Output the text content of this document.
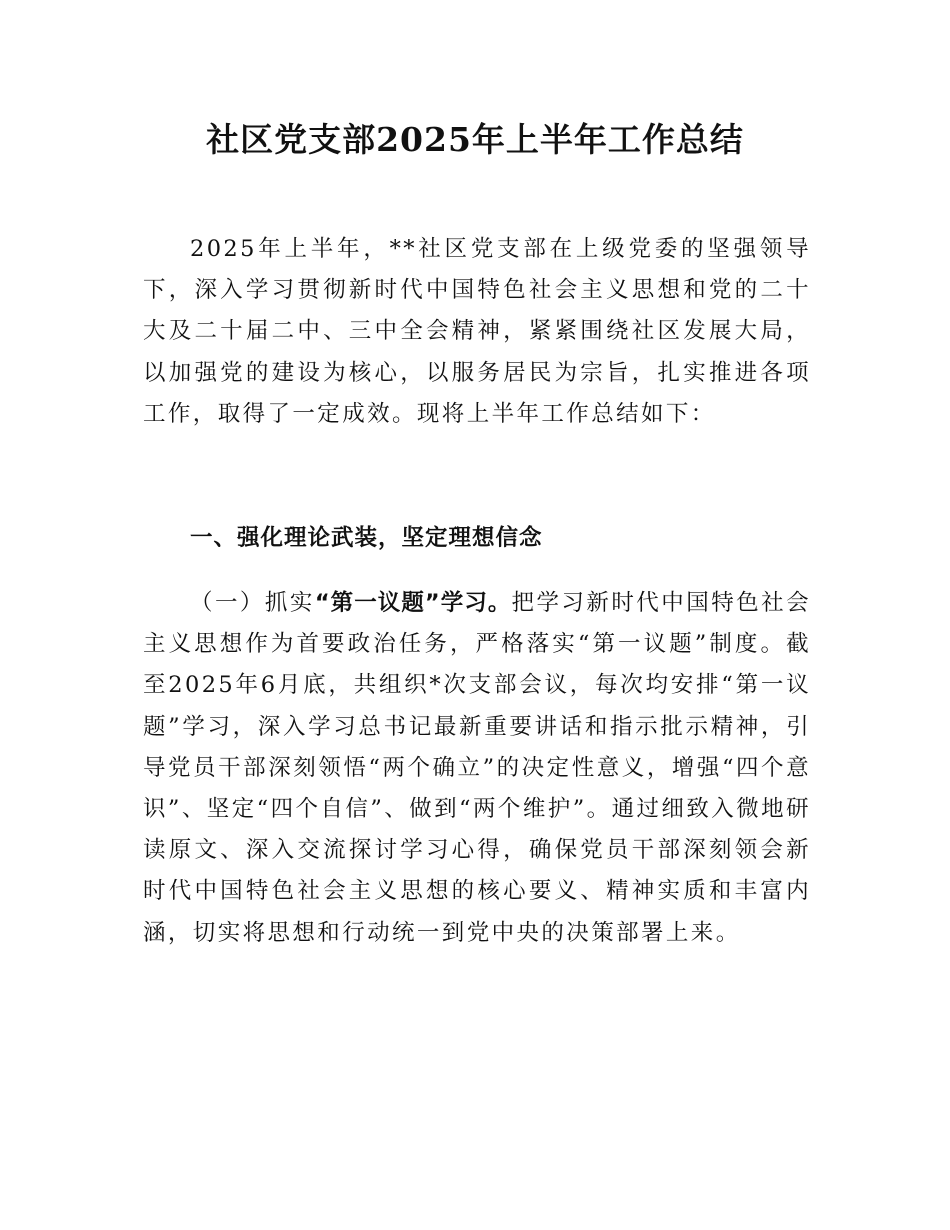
社区党支部2025年上半年工作总结

2025年上半年，**社区党支部在上级党委的坚强领导下，深入学习贯彻新时代中国特色社会主义思想和党的二十大及二十届二中、三中全会精神，紧紧围绕社区发展大局，以加强党的建设为核心，以服务居民为宗旨，扎实推进各项工作，取得了一定成效。现将上半年工作总结如下：

一、强化理论武装，坚定理想信念

（一）抓实“第一议题”学习。把学习新时代中国特色社会主义思想作为首要政治任务，严格落实“第一议题”制度。截至2025年6月底，共组织*次支部会议，每次均安排“第一议题”学习，深入学习总书记最新重要讲话和指示批示精神，引导党员干部深刻领悟“两个确立”的决定性意义，增强“四个意识”、坚定“四个自信”、做到“两个维护”。通过细致入微地研读原文、深入交流探讨学习心得，确保党员干部深刻领会新时代中国特色社会主义思想的核心要义、精神实质和丰富内涵，切实将思想和行动统一到党中央的决策部署上来。
